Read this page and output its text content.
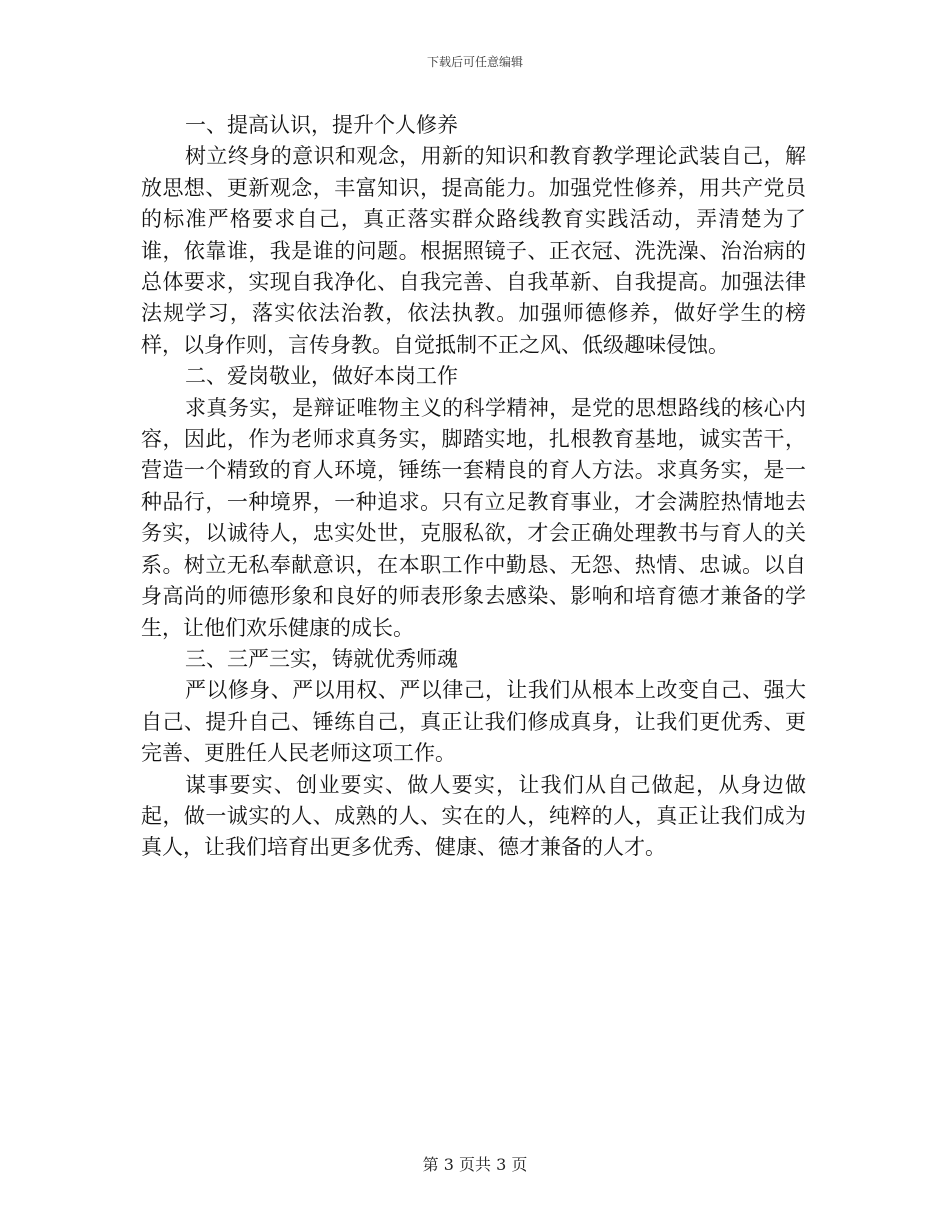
下载后可任意编辑

一、提高认识，提升个人修养

树立终身的意识和观念，用新的知识和教育教学理论武装自己，解放思想、更新观念，丰富知识，提高能力。加强党性修养，用共产党员的标准严格要求自己，真正落实群众路线教育实践活动，弄清楚为了谁，依靠谁，我是谁的问题。根据照镜子、正衣冠、洗洗澡、治治病的总体要求，实现自我净化、自我完善、自我革新、自我提高。加强法律法规学习，落实依法治教，依法执教。加强师德修养，做好学生的榜样，以身作则，言传身教。自觉抵制不正之风、低级趣味侵蚀。

二、爱岗敬业，做好本岗工作

求真务实，是辩证唯物主义的科学精神，是党的思想路线的核心内容，因此，作为老师求真务实，脚踏实地，扎根教育基地，诚实苦干，营造一个精致的育人环境，锤练一套精良的育人方法。求真务实，是一种品行，一种境界，一种追求。只有立足教育事业，才会满腔热情地去务实，以诚待人，忠实处世，克服私欲，才会正确处理教书与育人的关系。树立无私奉献意识，在本职工作中勤恳、无怨、热情、忠诚。以自身高尚的师德形象和良好的师表形象去感染、影响和培育德才兼备的学生，让他们欢乐健康的成长。

三、三严三实，铸就优秀师魂

严以修身、严以用权、严以律己，让我们从根本上改变自己、强大自己、提升自己、锤练自己，真正让我们修成真身，让我们更优秀、更完善、更胜任人民老师这项工作。

谋事要实、创业要实、做人要实，让我们从自己做起，从身边做起，做一诚实的人、成熟的人、实在的人，纯粹的人，真正让我们成为真人，让我们培育出更多优秀、健康、德才兼备的人才。

第 3 页共 3 页
